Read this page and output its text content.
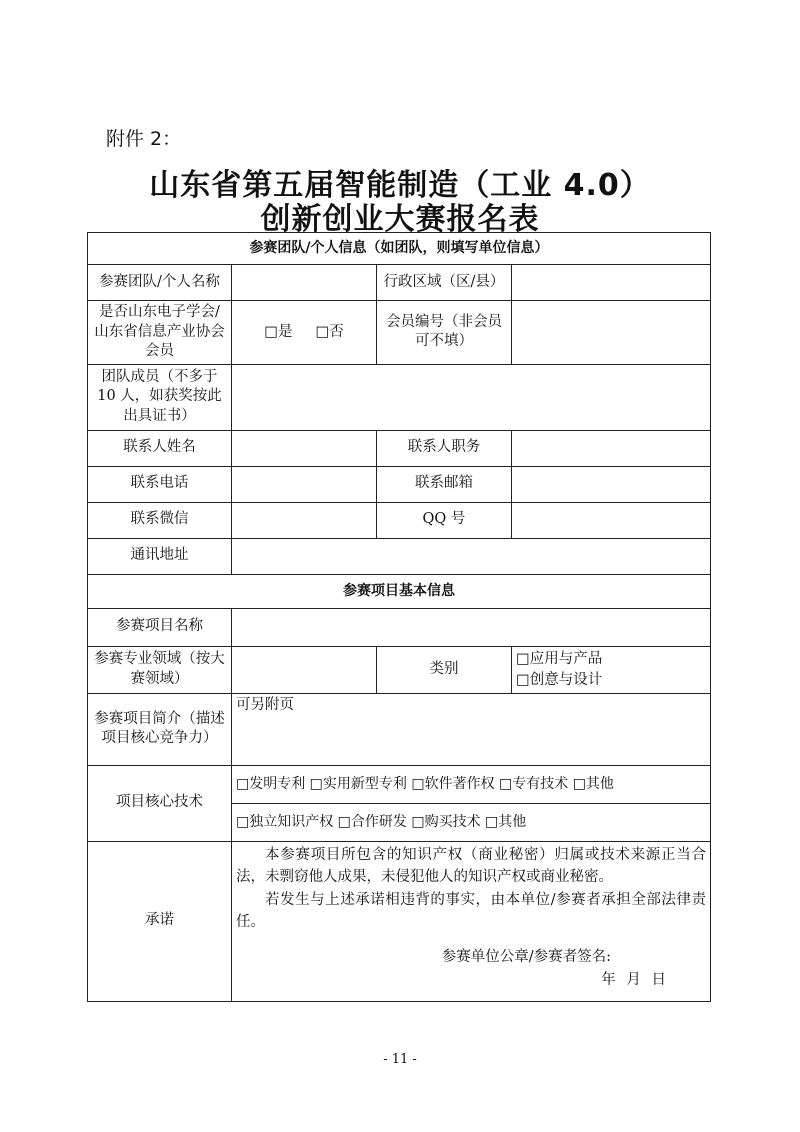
附件 2：
山东省第五届智能制造（工业 4.0）
创新创业大赛报名表
参赛团队/个人信息（如团队，则填写单位信息）			
参赛团队/个人名称		行政区域（区/县）	
是否山东电子学会/山东省信息产业协会会员	□是 □否	会员编号（非会员可不填）	
团队成员（不多于 10 人，如获奖按此出具证书）			
联系人姓名		联系人职务	
联系电话		联系邮箱	
联系微信		QQ 号	
通讯地址			
参赛项目基本信息			
参赛项目名称			
参赛专业领域（按大赛领域）		类别	□应用与产品
□创意与设计

参赛项目简介（描述项目核心竞争力）	可另附页		
项目核心技术	□发明专利 □实用新型专利 □软件著作权 □专有技术 □其他		
	□独立知识产权 □合作研发 □购买技术 □其他		
承诺	本参赛项目所包含的知识产权（商业秘密）归属或技术来源正当合法，未剽窃他人成果，未侵犯他人的知识产权或商业秘密。

若发生与上述承诺相违背的事实，由本单位/参赛者承担全部法律责任。

参赛单位公章/参赛者签名:
年 月 日		
- 11 -
